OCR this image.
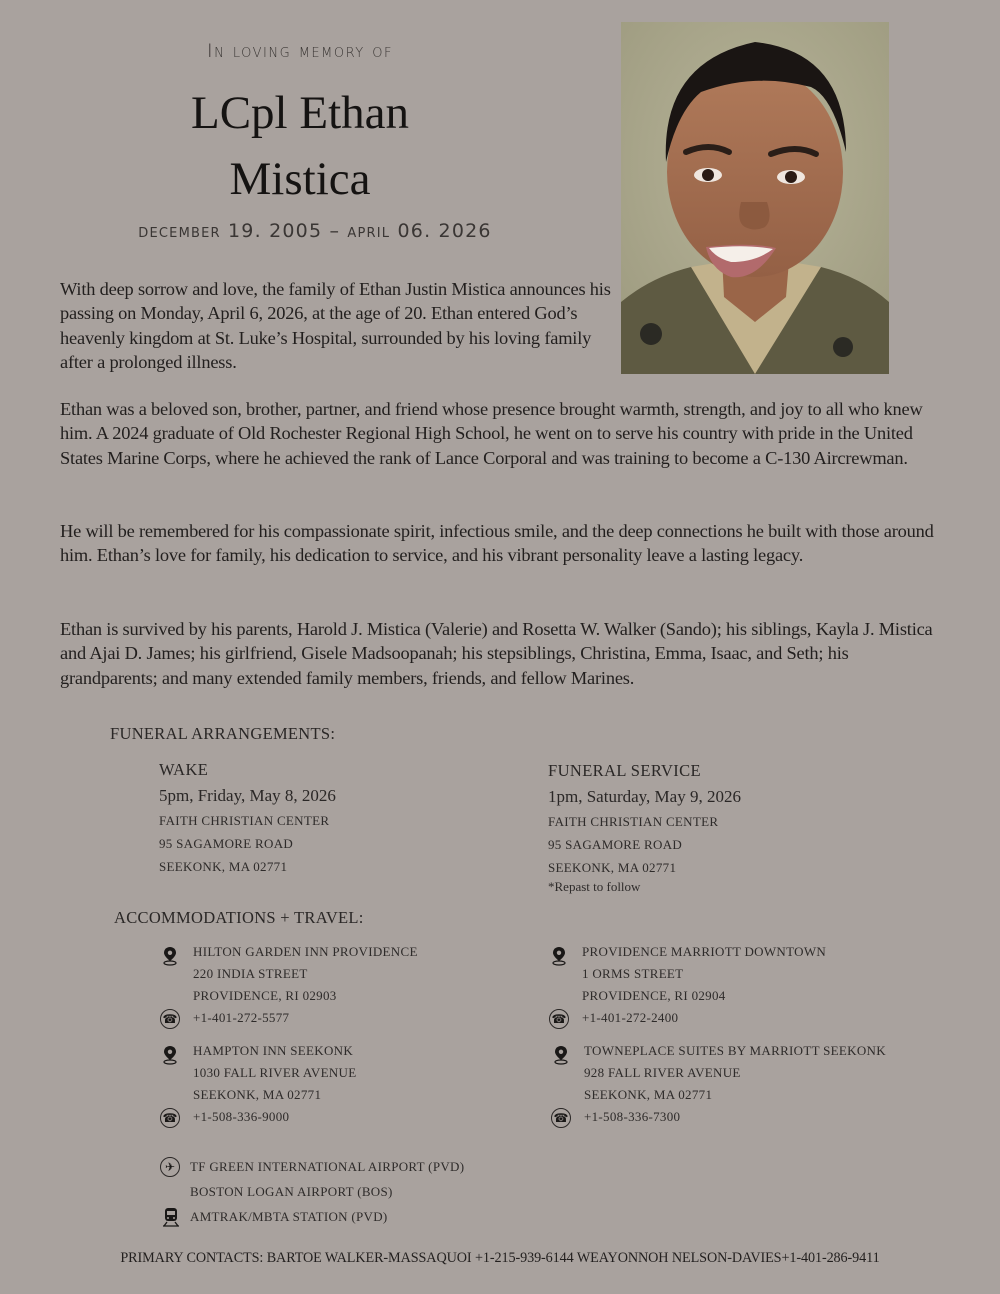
In loving memory of
LCpl Ethan
Mistica
december 19. 2005 – april 06. 2026
With deep sorrow and love, the family of Ethan Justin Mistica announces his passing on Monday, April 6, 2026, at the age of 20. Ethan entered God’s heavenly kingdom at St. Luke’s Hospital, surrounded by his loving family after a prolonged illness.
Ethan was a beloved son, brother, partner, and friend whose presence brought warmth, strength, and joy to all who knew him. A 2024 graduate of Old Rochester Regional High School, he went on to serve his country with pride in the United States Marine Corps, where he achieved the rank of Lance Corporal and was training to become a C-130 Aircrewman.
He will be remembered for his compassionate spirit, infectious smile, and the deep connections he built with those around him. Ethan’s love for family, his dedication to service, and his vibrant personality leave a lasting legacy.
Ethan is survived by his parents, Harold J. Mistica (Valerie) and Rosetta W. Walker (Sando); his siblings, Kayla J. Mistica and Ajai D. James; his girlfriend, Gisele Madsoopanah; his stepsiblings, Christina, Emma, Isaac, and Seth; his grandparents; and many extended family members, friends, and fellow Marines.
FUNERAL ARRANGEMENTS:
WAKE
5pm, Friday, May 8, 2026
FAITH CHRISTIAN CENTER
95 SAGAMORE ROAD
SEEKONK, MA 02771
FUNERAL SERVICE
1pm, Saturday, May 9, 2026
FAITH CHRISTIAN CENTER
95 SAGAMORE ROAD
SEEKONK, MA 02771
*Repast to follow
ACCOMMODATIONS + TRAVEL:
HILTON GARDEN INN PROVIDENCE
220 INDIA STREET
PROVIDENCE, RI 02903
+1-401-272-5577
☎
PROVIDENCE MARRIOTT DOWNTOWN
1 ORMS STREET
PROVIDENCE, RI 02904
+1-401-272-2400
☎
HAMPTON INN SEEKONK
1030 FALL RIVER AVENUE
SEEKONK, MA 02771
+1-508-336-9000
☎
TOWNEPLACE SUITES BY MARRIOTT SEEKONK
928 FALL RIVER AVENUE
SEEKONK, MA 02771
+1-508-336-7300
☎
✈	TF GREEN INTERNATIONAL AIRPORT (PVD)
BOSTON LOGAN AIRPORT (BOS)
AMTRAK/MBTA STATION (PVD)
PRIMARY CONTACTS: BARTOE WALKER-MASSAQUOI +1-215-939-6144 WEAYONNOH NELSON-DAVIES+1-401-286-9411
